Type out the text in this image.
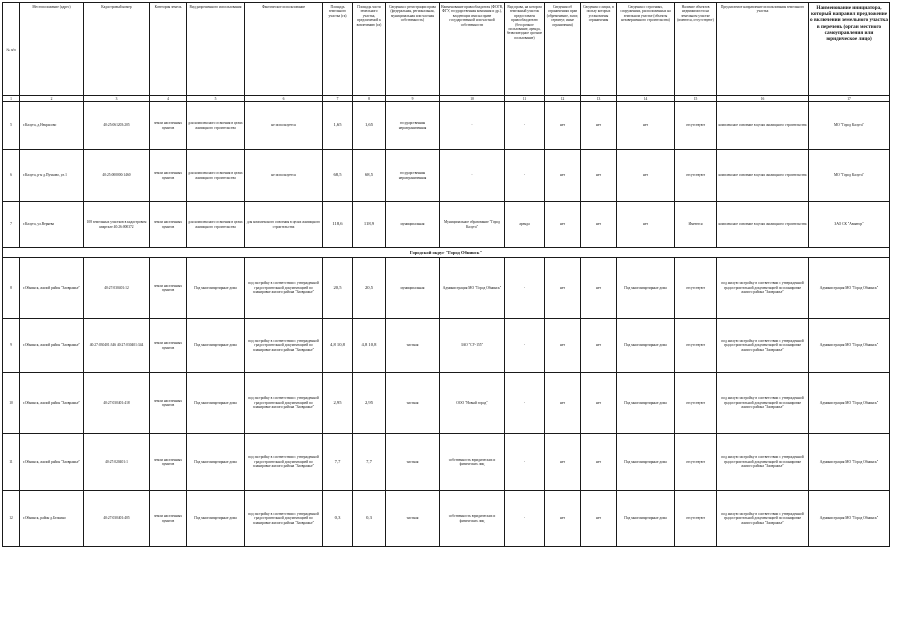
№ п/п	Местоположение (адрес)	Кадастровый номер	Категория земель	Вид разрешенного использования	Фактическое использование	Площадь земельного участка (га)	Площадь части земельного участка, предлагаемой к вовлечению (га)	Сведения о регистрации права (федеральная, региональная, муниципальная или частная собственность)	Наименование правообладателя (ФОГВ, ФГУ, государственная компания и др.), владеющих ими на праве государственной или частной собственности	Вид права, на котором земельный участок предоставлен правообладателю (бессрочное пользование, аренда, безвозмездное срочное пользование)	Сведения об ограничениях прав (обременение, залог, сервитут, иные ограничения)	Сведения о лицах, в пользу которых установлены ограничения	Сведения о строениях, сооружениях, расположенных на земельном участке (объекты незавершенного строительства)	Наличие объектов недвижимости на земельном участке (имеются, отсутствуют)	Предлагаемое направление использования земельного участка	Наименование инициатора, который направил предложение о включении земельного участка в перечень (орган местного самоуправления или юридическое лицо)
1	2	3	4	5	6	7	8	9	10	11	12	13	14	15	16	17
5	г.Калуга, д.Некрасово	40:25:061203:205	земли населенных пунктов	для комплексного освоения в целях жилищного строительства	не используется	1,65	1,65	государственная неразграниченная	-	-	нет	нет	нет	отсутствуют	комплексное освоение в целях жилищного строительства	МО "Город Калуга"
6	г.Калуга, р-н д.Пучково, ул.1	40:25:000000:1460	земли населенных пунктов	для комплексного освоения в целях жилищного строительства	не используется	68,5	68,5	государственная неразграниченная	-	-	нет	нет	нет	отсутствуют	комплексное освоение в целях жилищного строительства	МО "Город Калуга"
7	г.Калуга, ул.Веряева	108 земельных участков в кадастровом квартале 40:26:000372	земли населенных пунктов	для комплексного освоения в целях жилищного строительства	для комплексного освоения в целях жилищного строительства	118,6	118,9	муниципальная	Муниципальное образование "Город Калуга"	аренда	нет	нет	нет	Имеются	комплексное освоение в целях жилищного строительства	ЗАО СК "Авиатор"
Городской округ "Город Обнинск"																
8	г.Обнинск, жилой район "Заовражье"	40:27:030401:12	земли населенных пунктов	Под многоквартирные дома	под застройку в соответствии с утвержденной градостроительной документацией по планировке жилого района "Заовражье"	20,5	20,5	муниципальная	Администрация МО "Город Обнинск"	-	нет	нет	Под многоквартирные дома	отсутствуют	под жилую застройку в соответствии с утвержденной градостроительной документацией по планировке жилого района "Заовражье"	Администрация МО "Город Обнинск"
9	г.Обнинск, жилой район "Заовражье"	40:27:030401:346 40:27:030401:344	земли населенных пунктов	Под многоквартирные дома	под застройку в соответствии с утвержденной градостроительной документацией по планировке жилого района "Заовражье"	4,8 10,8	4,8 10,8	частная	ЗАО "СУ-155"	-	нет	нет	Под многоквартирные дома	отсутствуют	под жилую застройку в соответствии с утвержденной градостроительной документацией по планировке жилого района "Заовражье"	Администрация МО "Город Обнинск"
10	г.Обнинск, жилой район "Заовражье"	40:27:030401:418	земли населенных пунктов	Под многоквартирные дома	под застройку в соответствии с утвержденной градостроительной документацией по планировке жилого района "Заовражье"	2,95	2,95	частная	ООО "Новый город"	-	нет	нет	Под многоквартирные дома	отсутствуют	под жилую застройку в соответствии с утвержденной градостроительной документацией по планировке жилого района "Заовражье"	Администрация МО "Город Обнинск"
11	г.Обнинск, жилой район "Заовражье"	40:27:020401:1	земли населенных пунктов	Под многоквартирные дома	под застройку в соответствии с утвержденной градостроительной документацией по планировке жилого района "Заовражье"	7,7	7,7	частная	собственность юридических и физических лиц	-	нет	нет	Под многоквартирные дома	отсутствуют	под жилую застройку в соответствии с утвержденной градостроительной документацией по планировке жилого района "Заовражье"	Администрация МО "Город Обнинск"
12	г.Обнинск, район д.Белкино	40:27:030401:405	земли населенных пунктов	Под многоквартирные дома	под застройку в соответствии с утвержденной градостроительной документацией по планировке жилого района "Заовражье"	0,3	0,3	частная	собственность юридических и физических лиц	-	нет	нет	Под многоквартирные дома	отсутствуют	под жилую застройку в соответствии с утвержденной градостроительной документацией по планировке жилого района "Заовражье"	Администрация МО "Город Обнинск"
